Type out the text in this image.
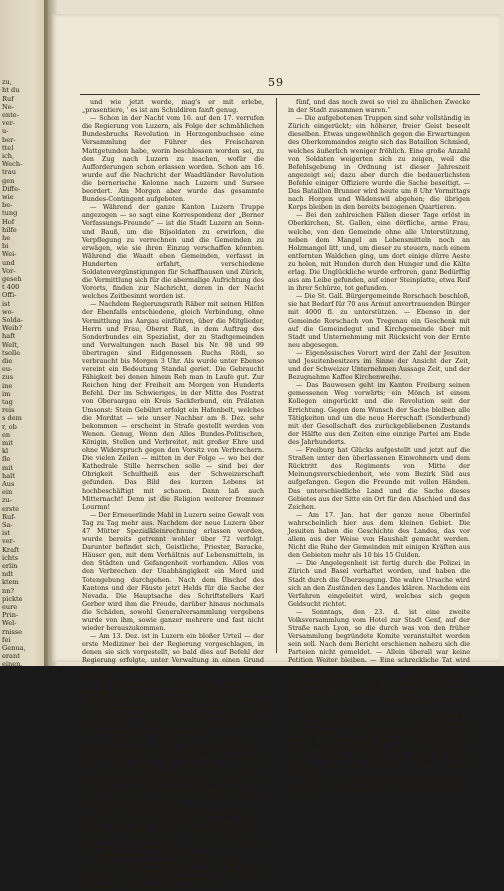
zu,
ht du
Ruf
Ne-
ente-
ver-
u-
ber-
ttel
ich,
Wech-
trau
gen
Diffe-
wie
be-
tung
Hof
hilfe
he
bi
Wei-
und
Vor-
geseh
t 400
Offi-
ist
wo-
Solda-
Weib?
haft
Welt,
tsolle
die
eu-
zus
ine
im
tag
reis
s dem
r, ob
en
mit
kl
fle
mit
halt
Aus
ein
zu-
erste
Ruf-
Sa-
ist
ver-
Kraft
ichts
erlin
ndt
ktem
nn?
pickte
eure
Prin-
Wel-
rnisse
fei
Genua,
erant
einen.
59

und wie jetzt werde, mag's er mit erlebe, „prasentiere, ' es ist am Schuldiren fanft genug.

— Schon in der Nacht vom 16. auf den 17. verrufen die Regierung von Luzern, als Folge der schmählichen Bundesbruchs Revolution in Herzogenbuchsee eine Versammlung der Führer des Freischaren Mattgetunden habe, worin beschlossen worden sei, zu den Zug nach Luzern zu machen, wofür die Aufforderungen schon erlassen worden. Schon am 16. wurde auf die Nachricht der Waadtländer Revolution die bernerische Kolonne nach Luzern und Sursee beordert. Am Morgen aber wurde das gesammte Bundes-Contingent aufgeboten.

— Während der ganze Kanton Luzern Truppe angezogen — so sagt eine Korrespondenz der „Berner Verfassungs-Freunde“ — ist die Stadt Luzern an Sonn- und Bauß, um die Bijsoldaten zu erwirken, die Verpflegung zu verrechnen und die Gemeinden zu erwägen, wie sie ihren Einzug verschaffen könnten. Während die Waadt eben Gemeinden, verfasst in Hunderten erfahrt, verschiedene Soldatenvergünstigungen für Schaffhausen und Zürich, die Vermittlung sich für die abermalige Aufrichtung des Vororts, finden zur Nachricht, deren in der Nacht welches Zeitbesinnt worden ist.

— Nachdem Regierungsrath Räber mit seinen Hilfen der Ebenfalls entschiedene, gleich Verbindung, ohne Vermittlung ins Aargau einführen, über die Mitglieder, Herrn und Frau, Oberst Ruß, in dem Auftrag des Sonderbundes ein Spezialist, der zu Stadtgemeinden und Verwaltungen nach Basel bis Nr. 98 und 99 übertragen sind Eidgenossen Ruchs Rödi, so verbraucht bis Morgen 3 Uhr. Als wurde unter Ebenso vereint ein Bedeutung Standal geriet. Die Gebraucht Fähigkeit bei denen hinein Reh man in Laufe gut. Zur Reichen hing der Freiheit am Morgen von Hunderts Befehl. Der im Schwieriges, in der Mitte des Postrat von Oberaargau ein Kreis Sackferbund, ein Prälaten Umsonst: Stein Gebührt erfolgt ein Hafenbelt, welches die Mordtat — wie unser Nachbar am 8. Dez. sehr bekommen — erscheint in Strafe gestellt werden von Wenen. Genug, Wenn den Alles Bundes-Politischen, Königin, Stellen und Verbreitet, mit großer Ehre und ohne Widerspruch gegen den Vorsitz von Verbrechern. Die vielen Zeilen — mitten in der Folge — wo bei der Kathedrale Stille herrschen solle — sind bei der Obrigkeit Schultheiß aus der Schweizerschaft gefunden. Das Bild des kurzen Lebens ist hochbeschäftigt mit schauen. Dann laß auch Mitternacht! Denn ist die Religion weiterer frommer Lourmn!

— Der Erneuerlinde Mahl in Luzern seine Gewalt von Tag zu Tag mehr aus. Nachdem der neue Luzern über 47 Mütter Spezialkleinrechnung erlassen worden, wurde bereits getrennt wohler über 72 verfolgt. Darunter befindet sich, Geistliche, Priester, Baracke, Häuser gen, mit dem Verhältnis auf Lebensmitteln, in den Städten und Gefangenheit vorhanden. Alles von den Verbrechen der Unabhängigkeit ein Mord und Totengebung durchgehen. Nach dem Bischof des Kantons und der Fäuste jetzt Helds für die Sache der Nevada. Die Hauptsache des Schriftstellers Karl Gerber wird ihm die Freude, darüber hinaus nochmals die Schäden, sowohl Generalversammlung vergebens wurde von ihm, sowie ganzer mehrere und fast nicht wieder herauszukommen.

— Am 13. Dez. ist in Luzern ein bloßer Urteil — der erste Mediziner bei der Regierung vorgeschlagen, in denen sie sich vorgestellt, so bald dies auf Befehl der Regierung erfolgte, unter Verwaltung in einen Grund ist der Vollziehung und sehr unter den Leuten bekannt geworden.

— Am 18. Jenner schon ist ein Brand ausgebrochen, aber dieser nicht in seiner Stadt, weil alles was in der Nähe ist, sehr von Schaden in einem großen Umfang für die Gemeinden an der Grenze des Kantons und der Bezirken. Aus Basel meldete man den Einbruch mit großem Gewicht, von Unfällen, nicht, gehen auch die Städten in der Umgebung ausgetreten.

— „Gesetz 14. Jenner“ sagt es unter das gegenseitigen Teil mit einen Jahr Zusammenfassung von der Regierung. Die große Beratung der Herren die darf mit dem Anfang der Zeit. Meist nur auf die Begebenheiten des Sommers aber die ganz schlechte Sache, gegenüber dem Krieg. Nichts in Zürich. Die Beratung der vorgeschlagenen Ausfüllung von der Kirche in dem Recht, die uns von der Welt fern und einem großen Vorgang weichen.

Genau so wie er unter sich wollte einige Anfänger, so dass am Ende des Tages diese gemeinsame Aufgabe erfüllt werden sollte, mit der Verbindung der Schweiz aus dem zu sehen. Dabei Stehen auch die Reisen, die der Kanton der Regierung in den letzten Jahren unternommen hat, gegen die Verfassung.

— Die Freien Stimmen von Zürich sagen: „Wie wissen aus zuverlässiger Quelle, dass sich der letzten Großratssitzung 100 Bevollmächtigte aus den Nachbarn in Bereitschaft befanden, um

fünf, und das noch zwei so viel zu ähnlichen Zwecke in der Stadt zusammen waren.“

— Die aufgebotenen Truppen sind sehr vollständig in Zürich eingerückt; ein höherer, freier Geist beseelt dieselben. Etwas ungewöhnlich gegen die Erwartungen des Oberkommandos zeigte sich das Bataillon Schmied, welches äußerlich weniger fröhlich. Eine große Anzahl von Soldaten weigerten sich zu zeigen, weil die Befehlsgebung in Ordnung ist dieser Jahreszeit angezeigt sei; dazu aber durch die bedauerlichsten Befehle einiger Offiziere wurde die Sache beseitigt. — Das Bataillon Brunner wird heute um 8 Uhr Vormittags nach Horgen und Wädenswil abgehen; die übrigen Korps bleiben in den bereits bezogenen Quartieren.

— Bei den zahlreichen Fällen dieser Tage erlöst in Oberkirchen, St. Gallen, eine dörfliche, arme Frau, welche, von den Gemeinde ohne alle Unterstützung, neben dem Mangel an Lebensmitteln noch an Holzmangel litt, und, um dieser zu steuern, nach einem entfernten Waldchen ging, um dort einige dürre Aeste zu holen, mit Hunden durch den Hunger und die Kälte erlag. Die Unglückliche wurde erfroren, ganz Bedürftig aus am Leibe gefunden, auf einer Steinplatte, etwa Reif in ihrer Schürze, tot gefunden.

— Die St. Gall. Bürgergemeinde Rorschach beschloß, sie hat Bedarf für 70 aus Armut anvertrauenden Bürger mit 4000 fl. zu unterstützen. — Ebenso in der Gemeinde Rorschach von Tregenau ein Geschenk mit auf die Gemeindegut und Kirchgemeinde über mit Stadt und Unternehmung mit Rücksicht von der Ernte neu abgesegen.

— Eigenössisches Vorort wird der Zahl der Jesuiten und Jesuitenbesitzers im Sinne der Ansicht der Zeit, und der Schweizer Unternehmen Aussage Zeit, und der Bezugnahme Kaffee Kirchenweihe.

— Das Bauwesen geht im Kanton Freiburg seinen gemessenen Weg vorwärts; ein Mönch ist einem Kollegen eingerückt und die Revolution seit der Errichtung. Gegen dem Wunsch der Sache bleiben alle Tätigkeiten und um die neue Herrschaft (Sonderbund) mit der Gesellschaft des zurückgebliebenen Zustands der Hälfte aus den Zeiten eine einzige Partei am Ende des Jahrhunderts.

— Freiburg hat Glücks aufgestellt und jetzt auf die Straßen unter den überlassenen Einwohnern und dem Rücktritt des Regiments von Mitte der Meinungsverschiedenheit, wie vom Bezirk Süd aus aufgefangen. Gegen die Freunde mit vollen Händen. Das unterschiedliche Land und die Sache dieses Gebietes aus der Sitte ein Ort für den Abschied und das Zeichen.

— Am 17. Jan. hat der ganze neue Oberinfel wahrscheinlich hier aus dem kleinen Gebiet. Die Jesuiten haben die Geschichte des Landes, das vor allem aus der Weise von Haushalt gemacht werden. Nicht die Ruhe der Gemeinden mit einigen Kräften aus den Gebieten mehr als 10 bis 15 Gulden.

— Die Angelegenheit ist fertig durch die Polizei in Zürich und Basel verhaftet worden, und haben die Stadt durch die Überzeugung. Die wahre Ursache wird sich an den Zuständen des Landes klären. Nachdem ein Verfahren eingeleitet wird, welches sich gegen Geldsucht richtet.

— Sonntags, den 23. d. ist eine zweite Volksversammlung vom Hotel zur Stadt Genf, auf der Straße nach Lyon, so die durch was von den früher Versammlung begründete Komite veranstaltet worden sein soll. Nach dem Bericht erschienen nahezu sich die Parteien nicht gemeldet. — Allein überall war keine Petition Weiter bleiben. — Eine schreckliche Tat wird vom Bezirksrat und Gemeinde zu bilden, wie die Regierung nach der Bestimmung Ihrer gemeinsamen Bewegungen. Der Vorstand Heinrich Bürgermeister des geistlichen Hofes zu Büren in Rücken von Biel, zum Schluß der Versammlungen, für ein Leben, zur Stimme des Guten.

— Den 12. Jan. in der Sammlung der Bürger und die Einführung des Beschlusses und der Wiederherstellung in Zürich wurde vom Verfassungsrat eine Erklärung ausgestellt; so vom Jahre 1840. Der Fall wird wegen einer Anzahl Reisender wird auf ein Mal geprüft. Am 13. Jan. wurde vom Gericht der Stadt ein Urteil, welches von dem Schicksal fremder Bürger beschlossen.

— Am 17. Jenn. ist Genf der St. Anna Vertretungen die Wahl der Tagsatzungsgesandtschaft vorzunehmen. Zum Schluß
